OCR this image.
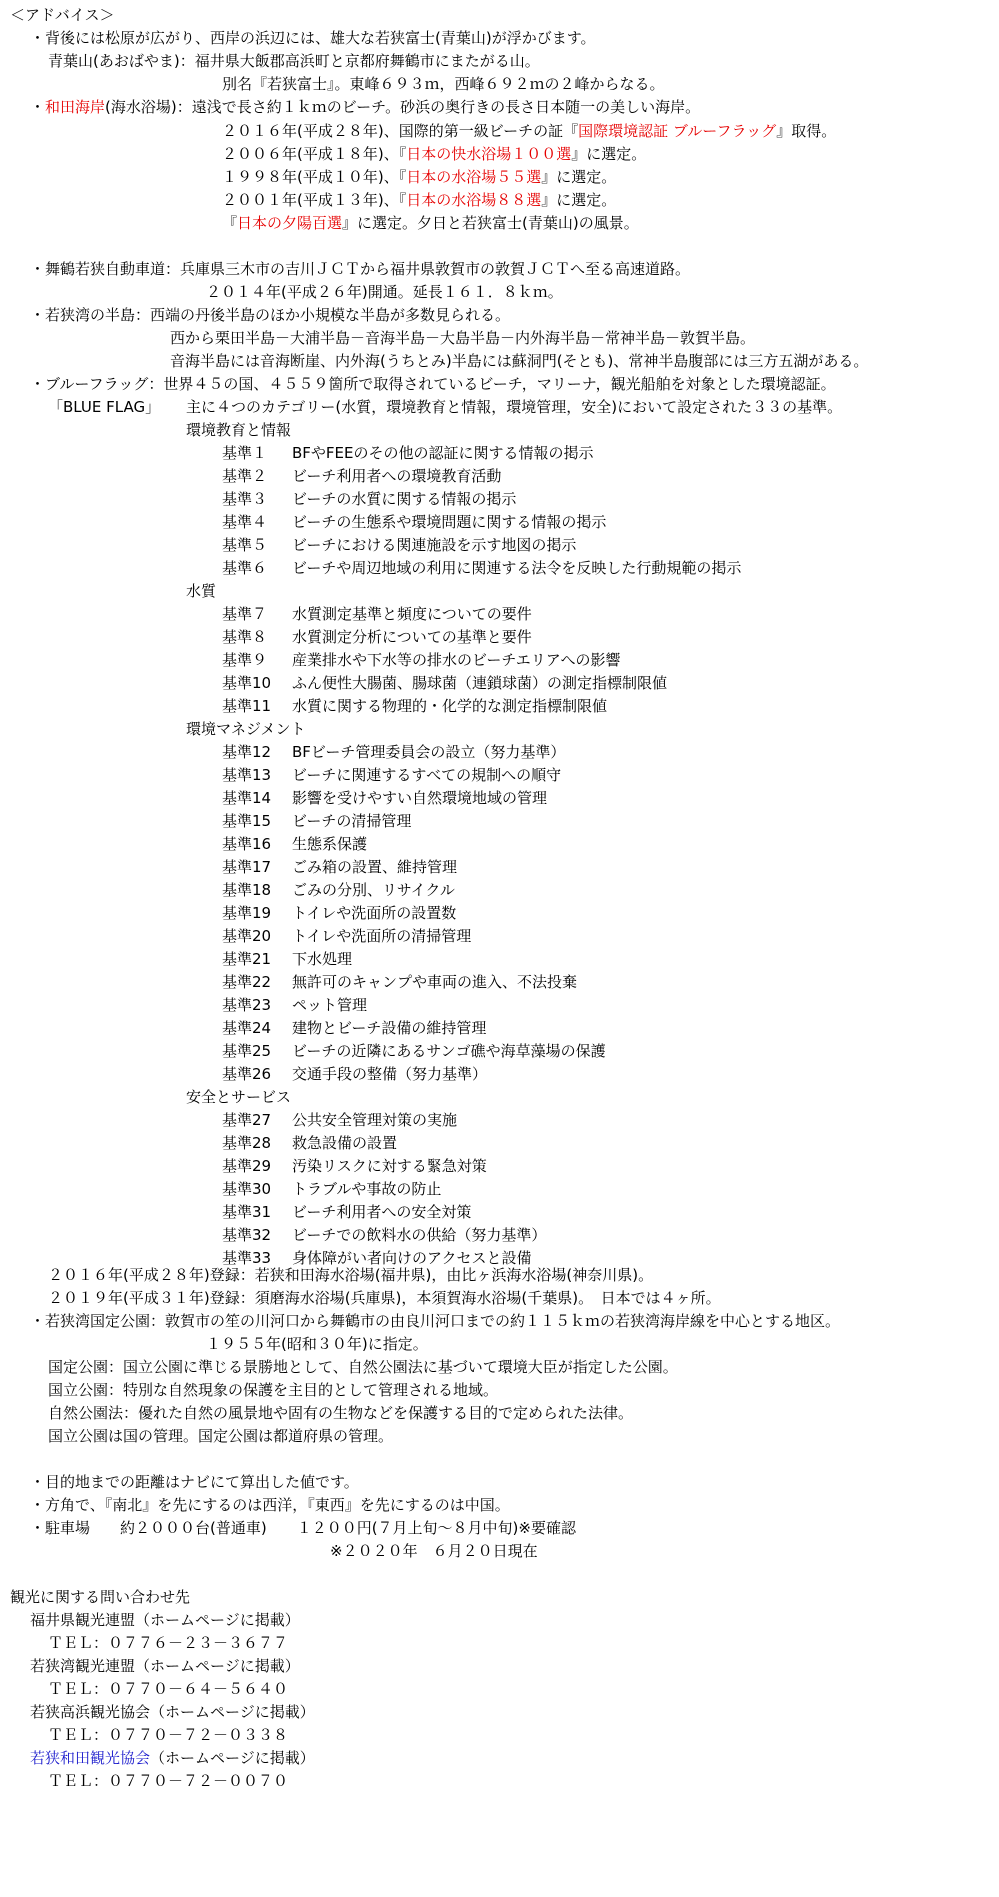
＜アドバイス＞
・背後には松原が広がり、西岸の浜辺には、雄大な若狭富士(青葉山)が浮かびます。
青葉山(あおばやま)：福井県大飯郡高浜町と京都府舞鶴市にまたがる山。
別名『若狭富士』。東峰６９３ｍ，西峰６９２ｍの２峰からなる。
・和田海岸(海水浴場)：遠浅で長さ約１ｋｍのビーチ。砂浜の奥行きの長さ日本随一の美しい海岸。
２０１６年(平成２８年)、国際的第一級ビーチの証『国際環境認証 ブルーフラッグ』取得。
２００６年(平成１８年)、『日本の快水浴場１００選』に選定。
１９９８年(平成１０年)、『日本の水浴場５５選』に選定。
２００１年(平成１３年)、『日本の水浴場８８選』に選定。
『日本の夕陽百選』に選定。夕日と若狭富士(青葉山)の風景。
・舞鶴若狭自動車道：兵庫県三木市の吉川ＪＣＴから福井県敦賀市の敦賀ＪＣＴへ至る高速道路。
２０１４年(平成２６年)開通。延長１６１．８ｋｍ。
・若狭湾の半島：西端の丹後半島のほか小規模な半島が多数見られる。
西から栗田半島－大浦半島－音海半島－大島半島－内外海半島－常神半島－敦賀半島。
音海半島には音海断崖、内外海(うちとみ)半島には蘇洞門(そとも)、常神半島腹部には三方五湖がある。
・ブルーフラッグ：世界４５の国、４５５９箇所で取得されているビーチ，マリーナ，観光船舶を対象とした環境認証。
「BLUE FLAG」 主に４つのカテゴリー(水質，環境教育と情報，環境管理，安全)において設定された３３の基準。
環境教育と情報
基準１ BFやFEEのその他の認証に関する情報の掲示
基準２ ビーチ利用者への環境教育活動
基準３ ビーチの水質に関する情報の掲示
基準４ ビーチの生態系や環境問題に関する情報の掲示
基準５ ビーチにおける関連施設を示す地図の掲示
基準６ ビーチや周辺地域の利用に関連する法令を反映した行動規範の掲示
水質
基準７ 水質測定基準と頻度についての要件
基準８ 水質測定分析についての基準と要件
基準９ 産業排水や下水等の排水のビーチエリアへの影響
基準10 ふん便性大腸菌、腸球菌（連鎖球菌）の測定指標制限値
基準11 水質に関する物理的・化学的な測定指標制限値
環境マネジメント
基準12 BFビーチ管理委員会の設立（努力基準）
基準13 ビーチに関連するすべての規制への順守
基準14 影響を受けやすい自然環境地域の管理
基準15 ビーチの清掃管理
基準16 生態系保護
基準17 ごみ箱の設置、維持管理
基準18 ごみの分別、リサイクル
基準19 トイレや洗面所の設置数
基準20 トイレや洗面所の清掃管理
基準21 下水処理
基準22 無許可のキャンプや車両の進入、不法投棄
基準23 ペット管理
基準24 建物とビーチ設備の維持管理
基準25 ビーチの近隣にあるサンゴ礁や海草藻場の保護
基準26 交通手段の整備（努力基準）
安全とサービス
基準27 公共安全管理対策の実施
基準28 救急設備の設置
基準29 汚染リスクに対する緊急対策
基準30 トラブルや事故の防止
基準31 ビーチ利用者への安全対策
基準32 ビーチでの飲料水の供給（努力基準）
基準33 身体障がい者向けのアクセスと設備
２０１６年(平成２８年)登録：若狭和田海水浴場(福井県)，由比ヶ浜海水浴場(神奈川県)。
２０１９年(平成３１年)登録：須磨海水浴場(兵庫県)，本須賀海水浴場(千葉県)。　日本では４ヶ所。
・若狭湾国定公園：敦賀市の笙の川河口から舞鶴市の由良川河口までの約１１５ｋｍの若狭湾海岸線を中心とする地区。
１９５５年(昭和３０年)に指定。
国定公園：国立公園に準じる景勝地として、自然公園法に基づいて環境大臣が指定した公園。
国立公園：特別な自然現象の保護を主目的として管理される地域。
自然公園法：優れた自然の風景地や固有の生物などを保護する目的で定められた法律。
国立公園は国の管理。国定公園は都道府県の管理。
・目的地までの距離はナビにて算出した値です。
・方角で、『南北』を先にするのは西洋，『東西』を先にするのは中国。
・駐車場　　約２０００台(普通車)　　１２００円(７月上旬～８月中旬)※要確認
※２０２０年　６月２０日現在
観光に関する問い合わせ先
福井県観光連盟（ホームページに掲載）
ＴＥＬ：０７７６－２３－３６７７
若狭湾観光連盟（ホームページに掲載）
ＴＥＬ：０７７０－６４－５６４０
若狭高浜観光協会（ホームページに掲載）
ＴＥＬ：０７７０－７２－０３３８
若狭和田観光協会（ホームページに掲載）
ＴＥＬ：０７７０－７２－００７０
